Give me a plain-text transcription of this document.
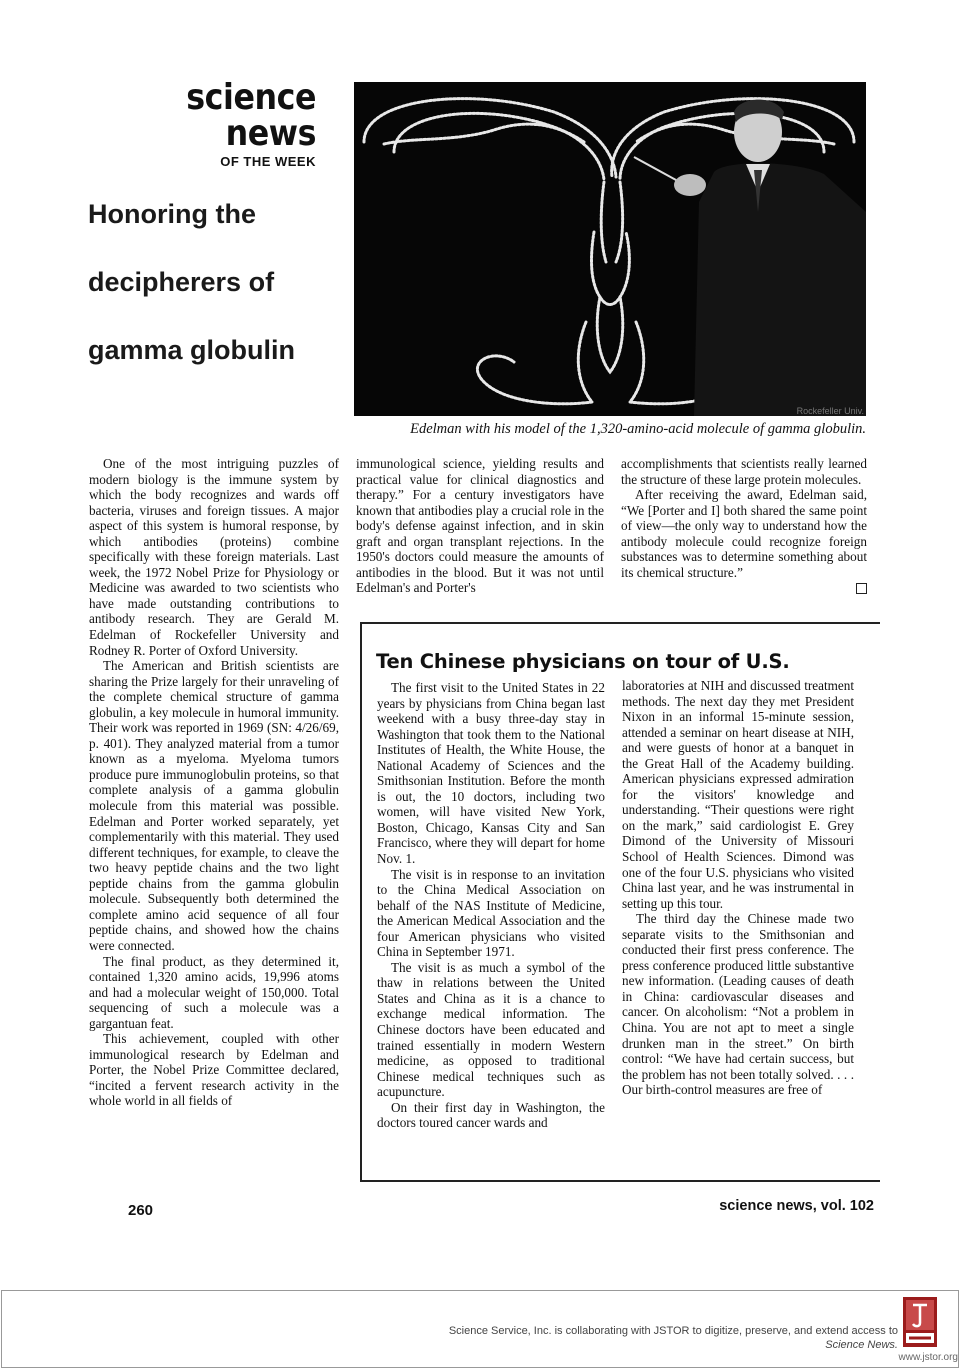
science news
OF THE WEEK
Honoring the
decipherers of
gamma globulin
Rockefeller Univ.
Edelman with his model of the 1,320-amino-acid molecule of gamma globulin.

One of the most intriguing puzzles of modern biology is the immune system by which the body recognizes and wards off bacteria, viruses and foreign tissues. A major aspect of this system is humoral response, by which antibodies (proteins) combine specifically with these foreign materials. Last week, the 1972 Nobel Prize for Physiology or Medicine was awarded to two scientists who have made outstanding contributions to antibody research. They are Gerald M. Edelman of Rockefeller University and Rodney R. Porter of Oxford University.

The American and British scientists are sharing the Prize largely for their unraveling of the complete chemical structure of gamma globulin, a key molecule in humoral immunity. Their work was reported in 1969 (SN: 4/26/69, p. 401). They analyzed material from a tumor known as a myeloma. Myeloma tumors produce pure immunoglobulin proteins, so that complete analysis of a gamma globulin molecule from this material was possible. Edelman and Porter worked separately, yet complementarily with this material. They used different techniques, for example, to cleave the two heavy peptide chains and the two light peptide chains from the gamma globulin molecule. Subsequently both determined the complete amino acid sequence of all four peptide chains, and showed how the chains were connected.

The final product, as they determined it, contained 1,320 amino acids, 19,996 atoms and had a molecular weight of 150,000. Total sequencing of such a molecule was a gargantuan feat.

This achievement, coupled with other immunological research by Edelman and Porter, the Nobel Prize Committee declared, “incited a fervent research activity in the whole world in all fields of

immunological science, yielding results and practical value for clinical diagnostics and therapy.” For a century investigators have known that antibodies play a crucial role in the body's defense against infection, and in skin graft and organ transplant rejections. In the 1950's doctors could measure the amounts of antibodies in the blood. But it was not until Edelman's and Porter's

accomplishments that scientists really learned the structure of these large protein molecules.

After receiving the award, Edelman said, “We [Porter and I] both shared the same point of view—the only way to understand how the antibody molecule could recognize foreign substances was to determine something about its chemical structure.”

Ten Chinese physicians on tour of U.S.

The first visit to the United States in 22 years by physicians from China began last weekend with a busy three-day stay in Washington that took them to the National Institutes of Health, the White House, the National Academy of Sciences and the Smithsonian Institution. Before the month is out, the 10 doctors, including two women, will have visited New York, Boston, Chicago, Kansas City and San Francisco, where they will depart for home Nov. 1.

The visit is in response to an invitation to the China Medical Association on behalf of the NAS Institute of Medicine, the American Medical Association and the four American physicians who visited China in September 1971.

The visit is as much a symbol of the thaw in relations between the United States and China as it is a chance to exchange medical information. The Chinese doctors have been educated and trained essentially in modern Western medicine, as opposed to traditional Chinese medical techniques such as acupuncture.

On their first day in Washington, the doctors toured cancer wards and

laboratories at NIH and discussed treatment methods. The next day they met President Nixon in an informal 15-minute session, attended a seminar on heart disease at NIH, and were guests of honor at a banquet in the Great Hall of the Academy building. American physicians expressed admiration for the visitors' knowledge and understanding. “Their questions were right on the mark,” said cardiologist E. Grey Dimond of the University of Missouri School of Health Sciences. Dimond was one of the four U.S. physicians who visited China last year, and he was instrumental in setting up this tour.

The third day the Chinese made two separate visits to the Smithsonian and conducted their first press conference. The press conference produced little substantive new information. (Leading causes of death in China: cardiovascular diseases and cancer. On alcoholism: “Not a problem in China. You are not apt to meet a single drunken man in the street.” On birth control: “We have had certain success, but the problem has not been totally solved. . . . Our birth-control measures are free of

260	science news, vol. 102
Science Service, Inc. is collaborating with JSTOR to digitize, preserve, and extend access to
Science News.
www.jstor.org
